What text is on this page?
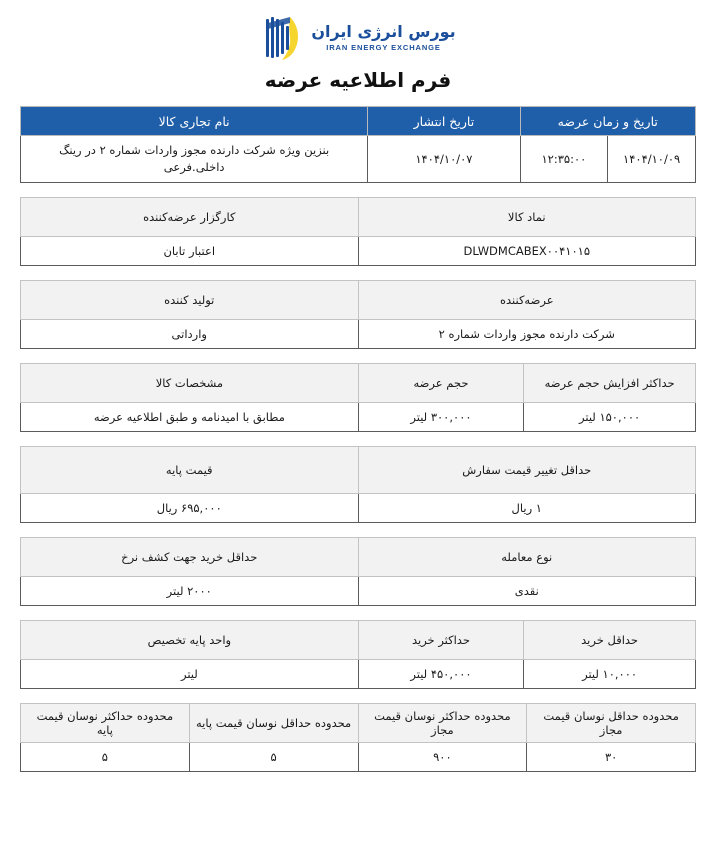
بورس انرژی ایران
IRAN ENERGY EXCHANGE
فرم اطلاعیه عرضه
تاریخ و زمان عرضه		تاریخ انتشار	نام تجاری کالا
۱۴۰۴/۱۰/۰۹	۱۲:۳۵:۰۰	۱۴۰۴/۱۰/۰۷	بنزین ویژه شرکت دارنده مجوز واردات شماره ۲ در رینگ داخلی.فرعی
نماد کالا	کارگزار عرضه‌کننده
DLWDMCABEX۰۰۴۱۰۱۵	اعتبار تابان
عرضه‌کننده	تولید کننده
شرکت دارنده مجوز واردات شماره ۲	وارداتی
حداکثر افزایش حجم عرضه	حجم عرضه	مشخصات کالا
۱۵۰,۰۰۰ لیتر	۳۰۰,۰۰۰ لیتر	مطابق با امیدنامه و طبق اطلاعیه عرضه
حداقل تغییر قیمت سفارش	قیمت پایه
۱ ریال	۶۹۵,۰۰۰ ریال
نوع معامله	حداقل خرید جهت کشف نرخ
نقدی	۲۰۰۰ لیتر
حداقل خرید	حداکثر خرید	واحد پایه تخصیص
۱۰,۰۰۰ لیتر	۴۵۰,۰۰۰ لیتر	لیتر
محدوده حداقل نوسان قیمت مجاز	محدوده حداکثر نوسان قیمت مجاز	محدوده حداقل نوسان قیمت پایه	محدوده حداکثر نوسان قیمت پایه
۳۰	۹۰۰	۵	۵
